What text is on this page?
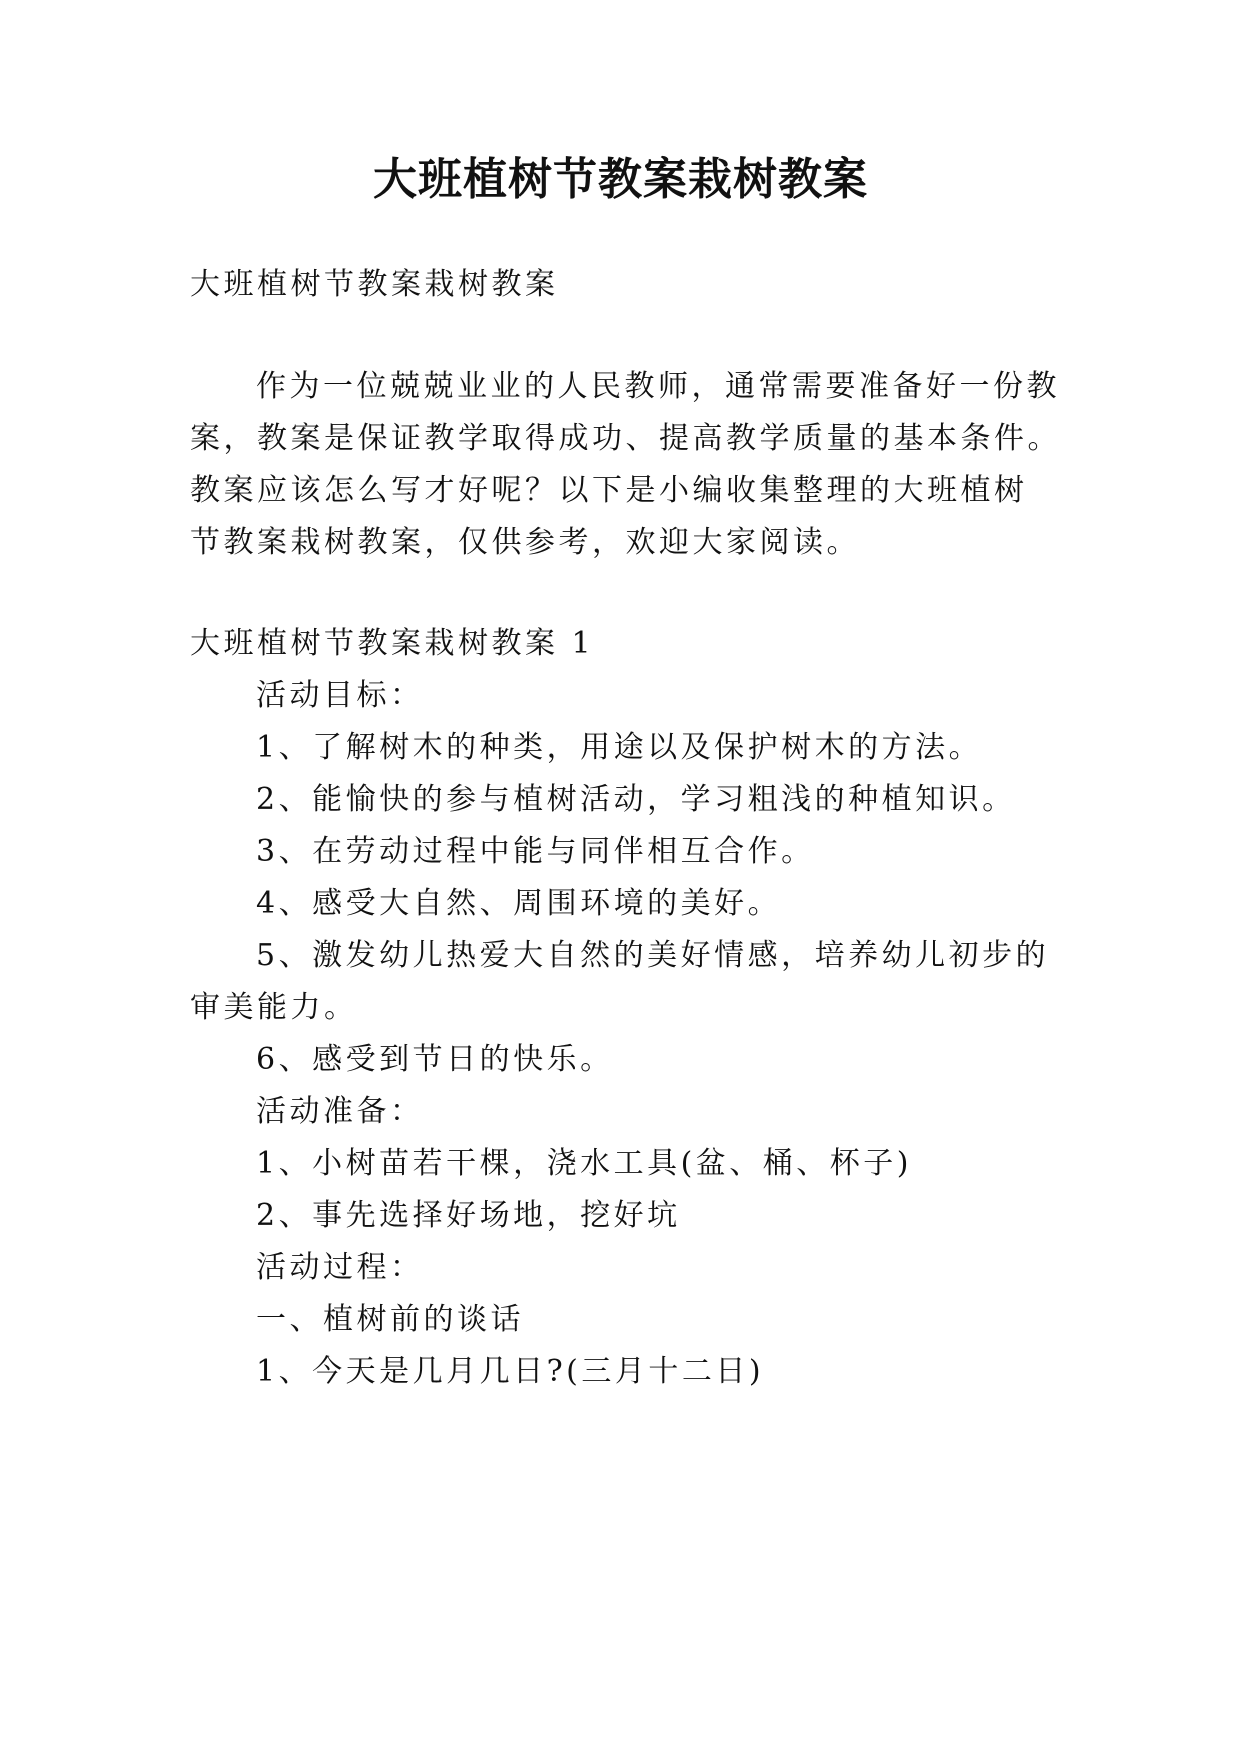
大班植树节教案栽树教案

大班植树节教案栽树教案

作为一位兢兢业业的人民教师，通常需要准备好一份教

案，教案是保证教学取得成功、提高教学质量的基本条件。

教案应该怎么写才好呢？以下是小编收集整理的大班植树

节教案栽树教案，仅供参考，欢迎大家阅读。

大班植树节教案栽树教案 1

活动目标：

1、了解树木的种类，用途以及保护树木的方法。

2、能愉快的参与植树活动，学习粗浅的种植知识。

3、在劳动过程中能与同伴相互合作。

4、感受大自然、周围环境的美好。

5、激发幼儿热爱大自然的美好情感，培养幼儿初步的

审美能力。

6、感受到节日的快乐。

活动准备：

1、小树苗若干棵，浇水工具(盆、桶、杯子)

2、事先选择好场地，挖好坑

活动过程：

一、植树前的谈话

1、今天是几月几日?(三月十二日)
